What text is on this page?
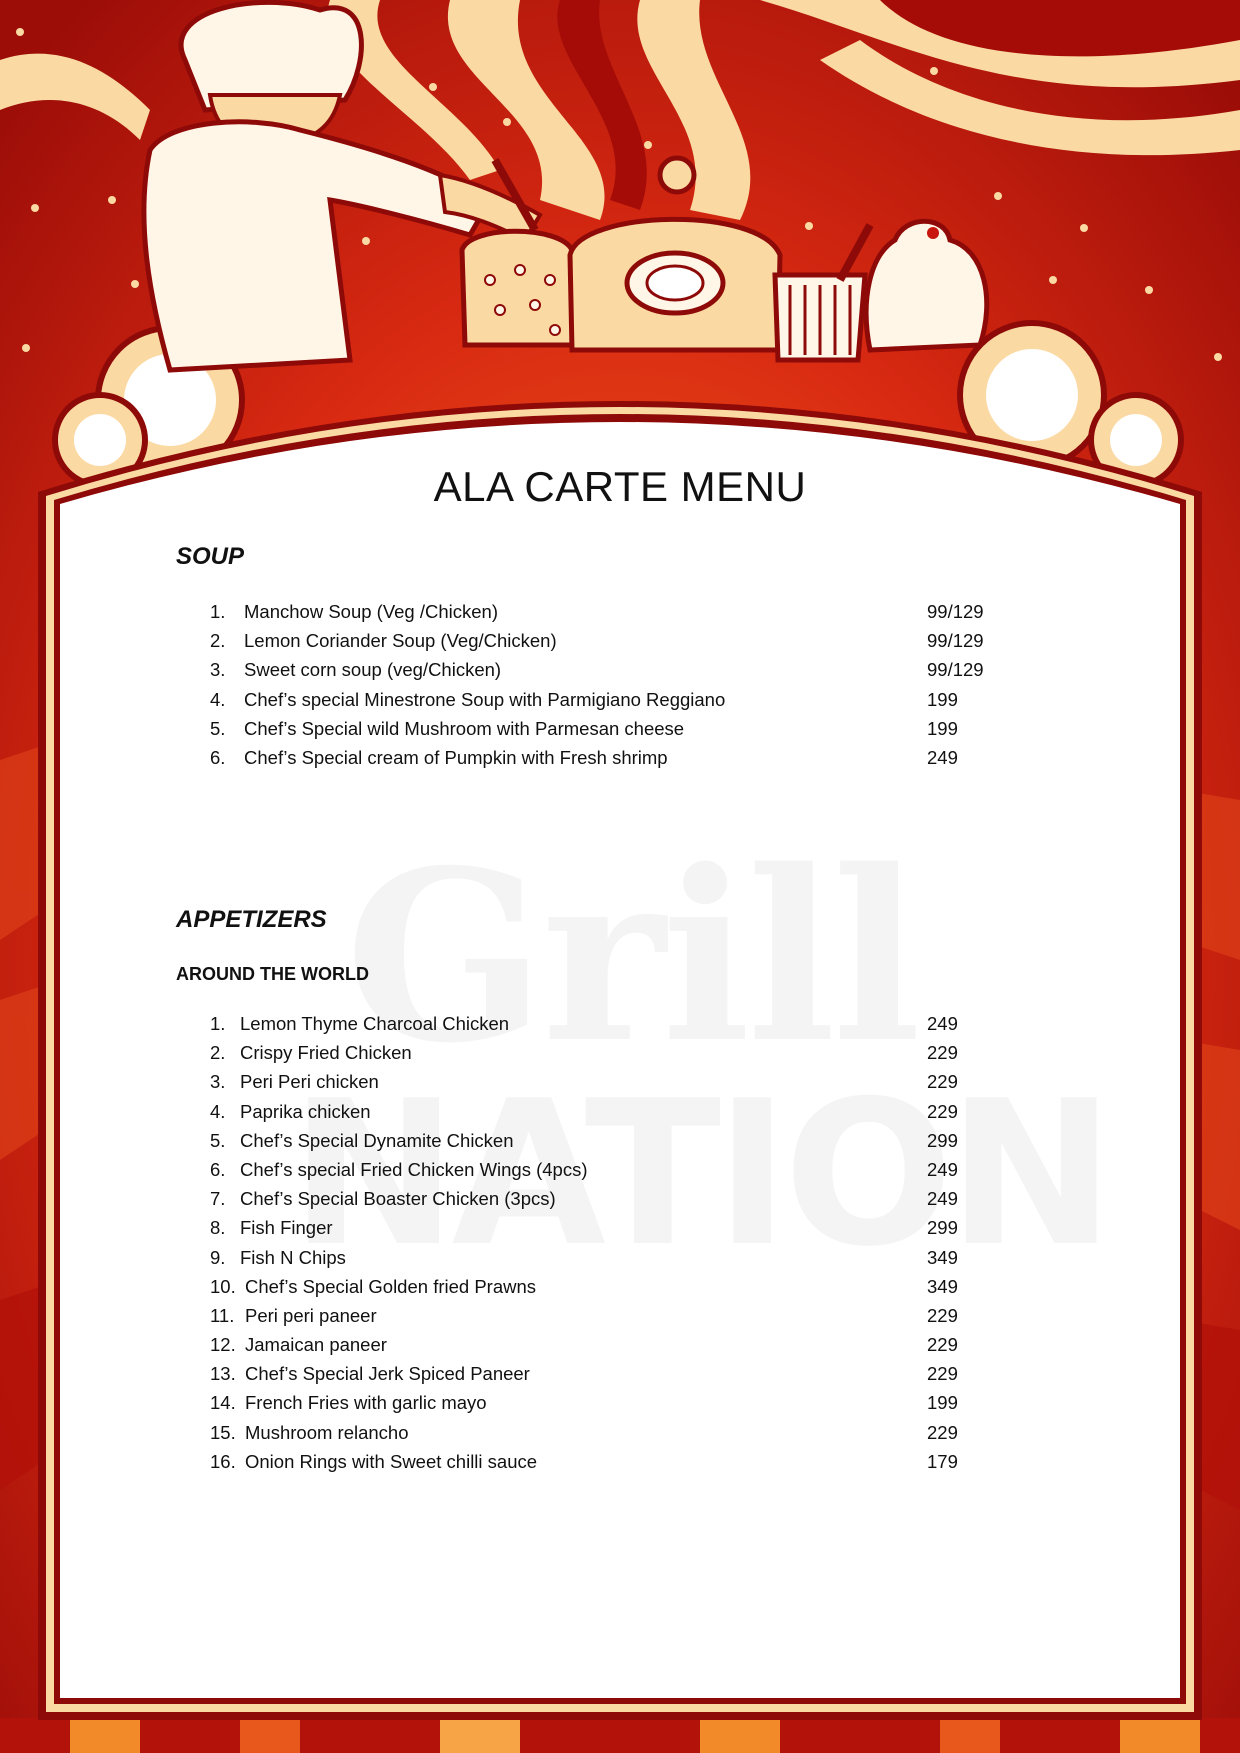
ALA CARTE MENU
SOUP
1. Manchow Soup (Veg /Chicken)	99/129
2. Lemon Coriander Soup (Veg/Chicken)	99/129
3. Sweet corn soup (veg/Chicken)	99/129
4. Chef’s special Minestrone Soup with Parmigiano Reggiano	199
5. Chef’s Special wild Mushroom with Parmesan cheese	199
6. Chef’s Special cream of Pumpkin with Fresh shrimp	249
APPETIZERS
AROUND THE WORLD
1. Lemon Thyme Charcoal Chicken	249
2. Crispy Fried Chicken	229
3. Peri Peri chicken	229
4. Paprika chicken	229
5. Chef’s Special Dynamite Chicken	299
6. Chef’s special Fried Chicken Wings (4pcs)	249
7. Chef’s Special Boaster Chicken (3pcs)	249
8. Fish Finger	299
9. Fish N Chips	349
10. Chef’s Special Golden fried Prawns	349
11. Peri peri paneer	229
12. Jamaican paneer	229
13. Chef’s Special Jerk Spiced Paneer	229
14. French Fries with garlic mayo	199
15. Mushroom relancho	229
16. Onion Rings with Sweet chilli sauce	179
